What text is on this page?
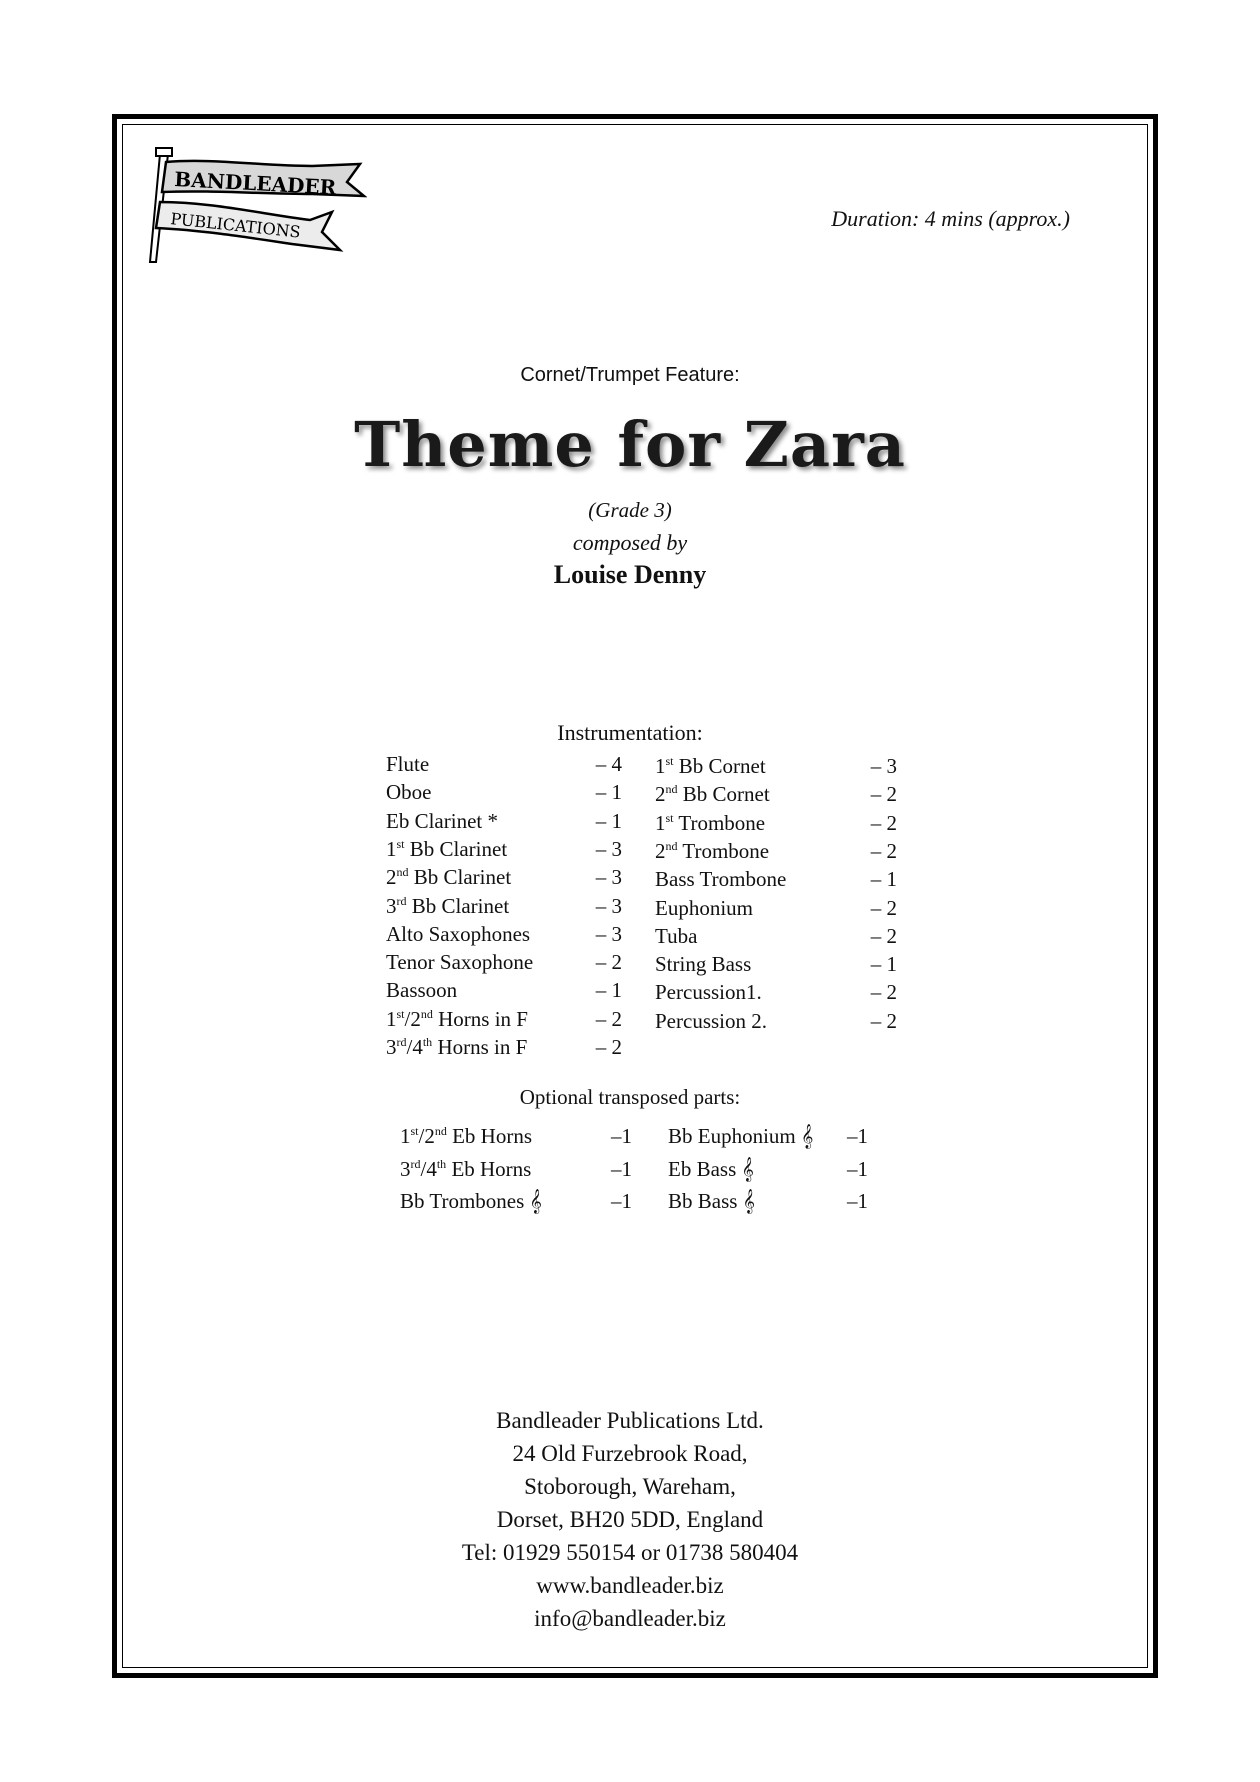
BANDLEADER
PUBLICATIONS	Duration: 4 mins (approx.)
Cornet/Trumpet Feature:
Theme for Zara
(Grade 3)
composed by
Louise Denny
Instrumentation:
Flute	– 4
Oboe	– 1
Eb Clarinet *	– 1
1st Bb Clarinet	– 3
2nd Bb Clarinet	– 3
3rd Bb Clarinet	– 3
Alto Saxophones	– 3
Tenor Saxophone	– 2
Bassoon	– 1
1st/2nd Horns in F	– 2
3rd/4th Horns in F	– 2
1st Bb Cornet	– 3
2nd Bb Cornet	– 2
1st Trombone	– 2
2nd Trombone	– 2
Bass Trombone	– 1
Euphonium	– 2
Tuba	– 2
String Bass	– 1
Percussion1.	– 2
Percussion 2.	– 2
Optional transposed parts:
1st/2nd Eb Horns	–1
3rd/4th Eb Horns	–1
Bb Trombones 𝄞	–1
Bb Euphonium 𝄞	–1
Eb Bass 𝄞	–1
Bb Bass 𝄞	–1
Bandleader Publications Ltd.
24 Old Furzebrook Road,
Stoborough, Wareham,
Dorset, BH20 5DD, England
Tel: 01929 550154 or 01738 580404
www.bandleader.biz
info@bandleader.biz
